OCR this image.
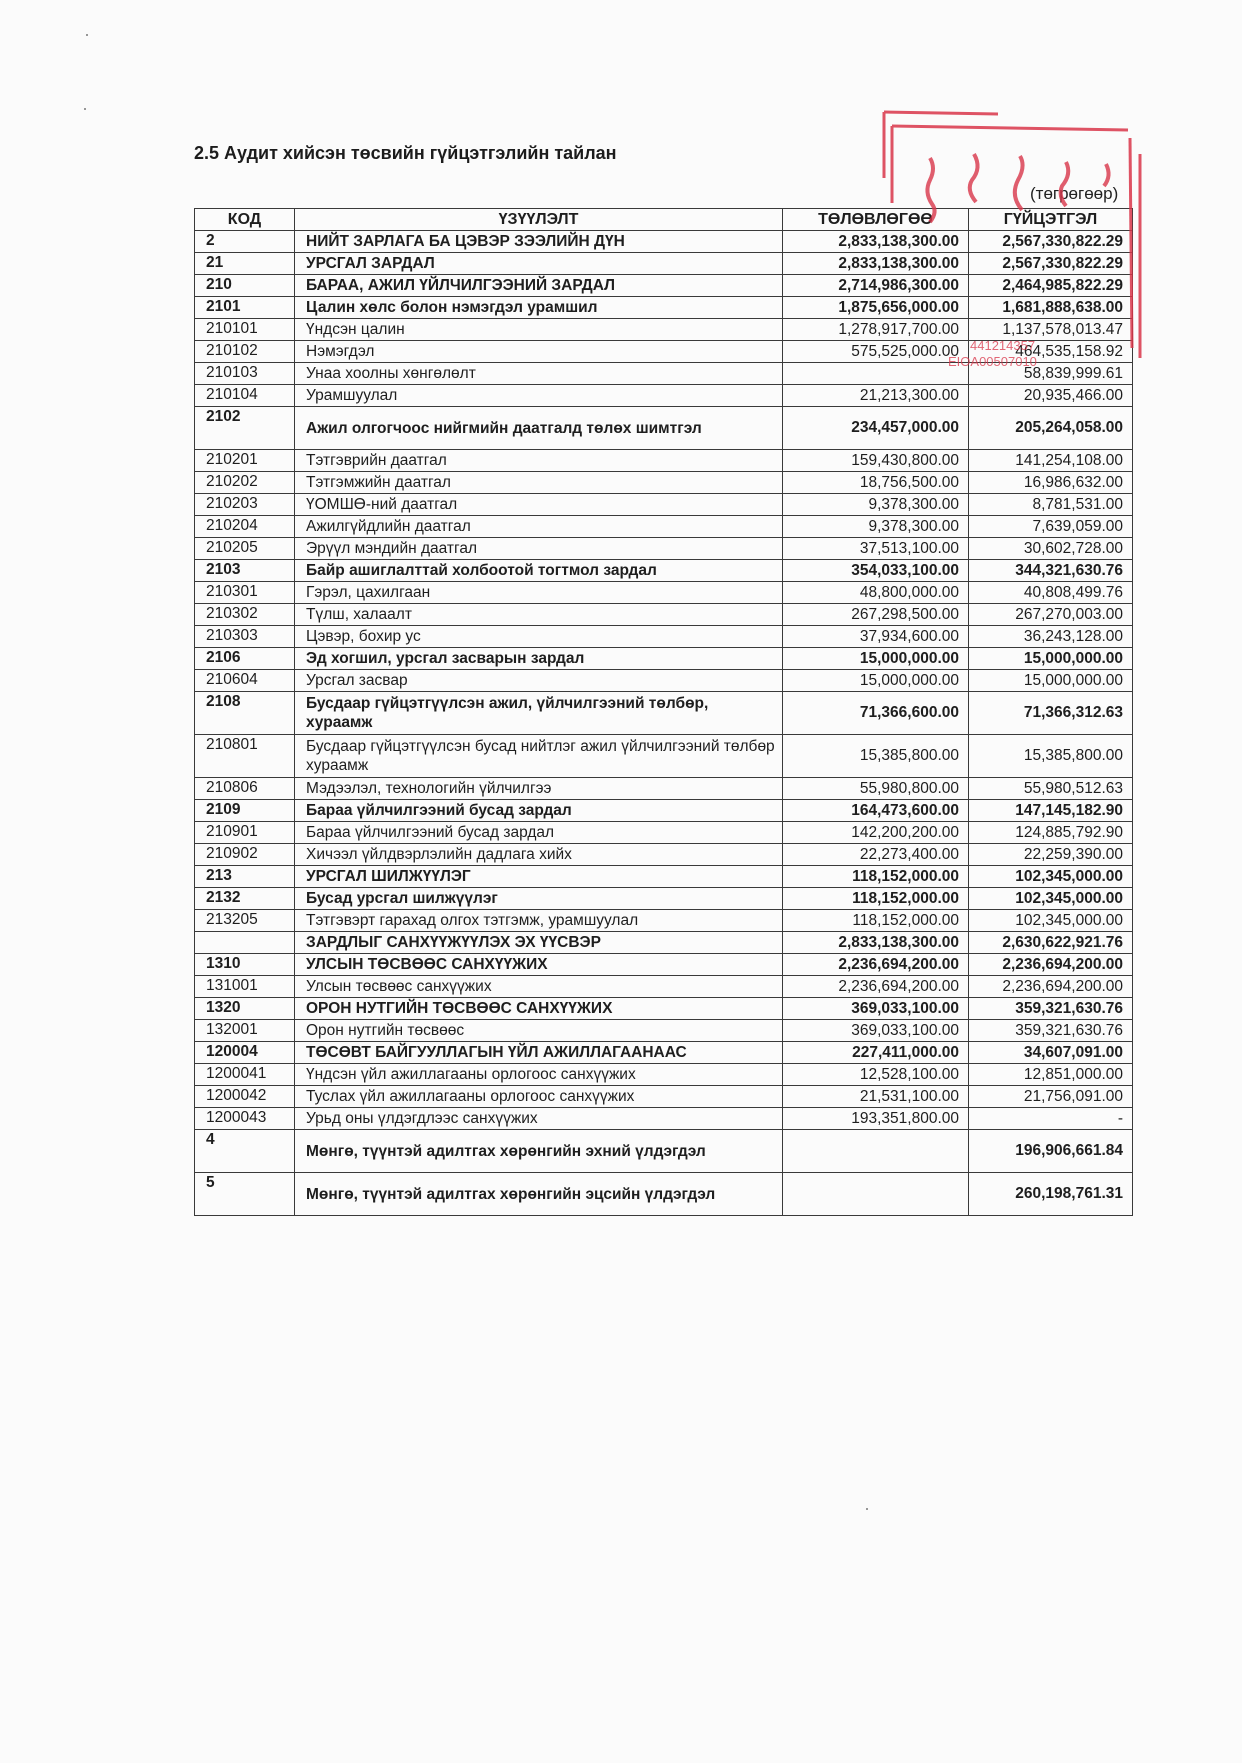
2.5 Аудит хийсэн төсвийн гүйцэтгэлийн тайлан
(төгрөгөөр)
КОД	ҮЗҮҮЛЭЛТ	ТӨЛӨВЛӨГӨӨ	ГҮЙЦЭТГЭЛ
2	НИЙТ ЗАРЛАГА БА ЦЭВЭР ЗЭЭЛИЙН ДҮН	2,833,138,300.00	2,567,330,822.29
21	УРСГАЛ ЗАРДАЛ	2,833,138,300.00	2,567,330,822.29
210	БАРАА, АЖИЛ ҮЙЛЧИЛГЭЭНИЙ ЗАРДАЛ	2,714,986,300.00	2,464,985,822.29
2101	Цалин хөлс болон нэмэгдэл урамшил	1,875,656,000.00	1,681,888,638.00
210101	Үндсэн цалин	1,278,917,700.00	1,137,578,013.47
210102	Нэмэгдэл	575,525,000.00	464,535,158.92
210103	Унаа хоолны хөнгөлөлт		58,839,999.61
210104	Урамшуулал	21,213,300.00	20,935,466.00
2102	Ажил олгогчоос нийгмийн даатгалд төлөх шимтгэл	234,457,000.00	205,264,058.00
210201	Тэтгэврийн даатгал	159,430,800.00	141,254,108.00
210202	Тэтгэмжийн даатгал	18,756,500.00	16,986,632.00
210203	ҮОМШӨ-ний даатгал	9,378,300.00	8,781,531.00
210204	Ажилгүйдлийн даатгал	9,378,300.00	7,639,059.00
210205	Эрүүл мэндийн даатгал	37,513,100.00	30,602,728.00
2103	Байр ашиглалттай холбоотой тогтмол зардал	354,033,100.00	344,321,630.76
210301	Гэрэл, цахилгаан	48,800,000.00	40,808,499.76
210302	Түлш, халаалт	267,298,500.00	267,270,003.00
210303	Цэвэр, бохир ус	37,934,600.00	36,243,128.00
2106	Эд хогшил, урсгал засварын зардал	15,000,000.00	15,000,000.00
210604	Урсгал засвар	15,000,000.00	15,000,000.00
2108	Бусдаар гүйцэтгүүлсэн ажил, үйлчилгээний төлбөр, хураамж	71,366,600.00	71,366,312.63
210801	Бусдаар гүйцэтгүүлсэн бусад нийтлэг ажил үйлчилгээний төлбөр хураамж	15,385,800.00	15,385,800.00
210806	Мэдээлэл, технологийн үйлчилгээ	55,980,800.00	55,980,512.63
2109	Бараа үйлчилгээний бусад зардал	164,473,600.00	147,145,182.90
210901	Бараа үйлчилгээний бусад зардал	142,200,200.00	124,885,792.90
210902	Хичээл үйлдвэрлэлийн дадлага хийх	22,273,400.00	22,259,390.00
213	УРСГАЛ ШИЛЖҮҮЛЭГ	118,152,000.00	102,345,000.00
2132	Бусад урсгал шилжүүлэг	118,152,000.00	102,345,000.00
213205	Тэтгэвэрт гарахад олгох тэтгэмж, урамшуулал	118,152,000.00	102,345,000.00
	ЗАРДЛЫГ САНХҮҮЖҮҮЛЭХ ЭХ ҮҮСВЭР	2,833,138,300.00	2,630,622,921.76
1310	УЛСЫН ТӨСВӨӨС САНХҮҮЖИХ	2,236,694,200.00	2,236,694,200.00
131001	Улсын төсвөөс санхүүжих	2,236,694,200.00	2,236,694,200.00
1320	ОРОН НУТГИЙН ТӨСВӨӨС САНХҮҮЖИХ	369,033,100.00	359,321,630.76
132001	Орон нутгийн төсвөөс	369,033,100.00	359,321,630.76
120004	ТӨСӨВТ БАЙГУУЛЛАГЫН ҮЙЛ АЖИЛЛАГААНААС	227,411,000.00	34,607,091.00
1200041	Үндсэн үйл ажиллагааны орлогоос санхүүжих	12,528,100.00	12,851,000.00
1200042	Туслах үйл ажиллагааны орлогоос санхүүжих	21,531,100.00	21,756,091.00
1200043	Урьд оны үлдэгдлээс санхүүжих	193,351,800.00	-
4	Мөнгө, түүнтэй адилтгах хөрөнгийн эхний үлдэгдэл		196,906,661.84
5	Мөнгө, түүнтэй адилтгах хөрөнгийн эцсийн үлдэгдэл		260,198,761.31
441214357
EIOA00507010
